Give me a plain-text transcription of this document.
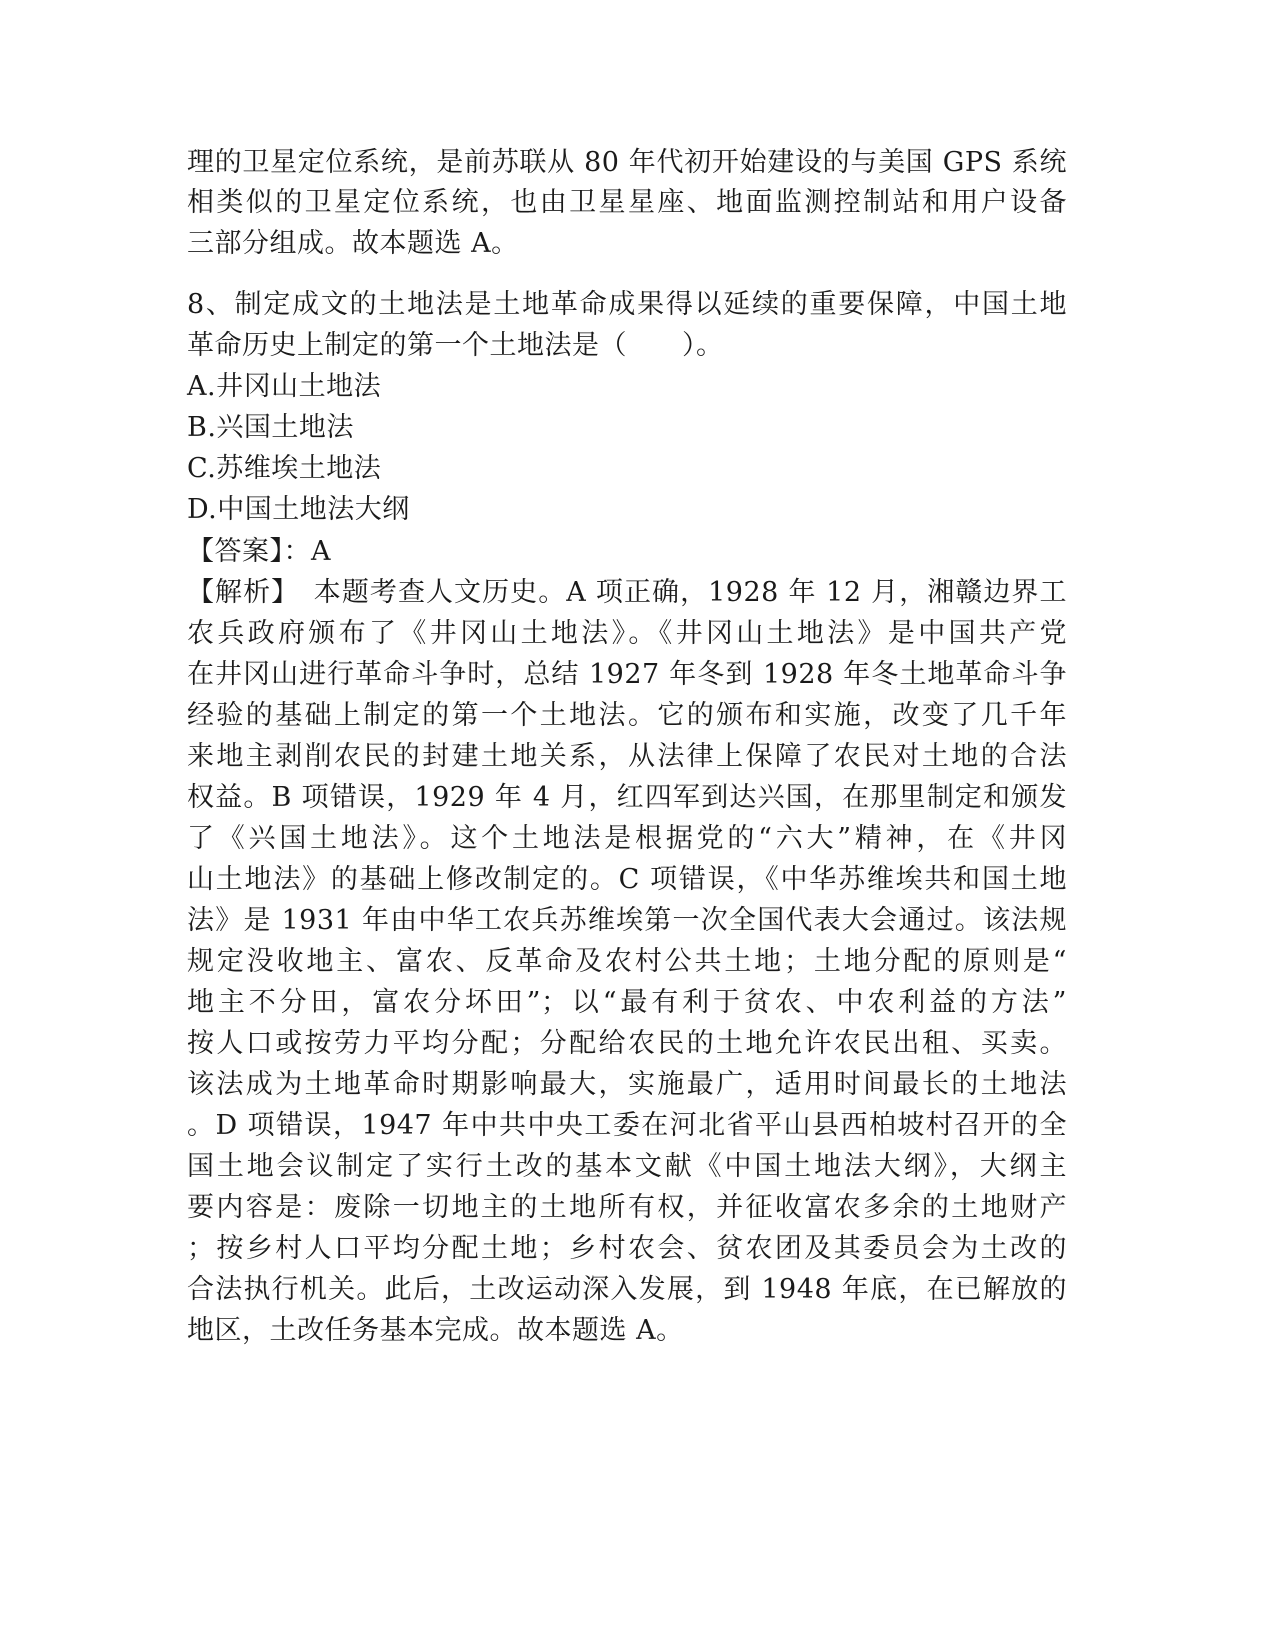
理的卫星定位系统，是前苏联从 80 年代初开始建设的与美国 GPS 系统
相类似的卫星定位系统，也由卫星星座、地面监测控制站和用户设备
三部分组成。故本题选 A。
8、制定成文的土地法是土地革命成果得以延续的重要保障，中国土地
革命历史上制定的第一个土地法是（　　）。
A.井冈山土地法
B.兴国土地法
C.苏维埃土地法
D.中国土地法大纲
【答案】：A
【解析】　本题考查人文历史。A 项正确，1928 年 12 月，湘赣边界工
农兵政府颁布了《井冈山土地法》。《井冈山土地法》是中国共产党
在井冈山进行革命斗争时，总结 1927 年冬到 1928 年冬土地革命斗争
经验的基础上制定的第一个土地法。它的颁布和实施，改变了几千年
来地主剥削农民的封建土地关系，从法律上保障了农民对土地的合法
权益。B 项错误，1929 年 4 月，红四军到达兴国，在那里制定和颁发
了《兴国土地法》。这个土地法是根据党的“六大”精神，在《井冈
山土地法》的基础上修改制定的。C 项错误，《中华苏维埃共和国土地
法》是 1931 年由中华工农兵苏维埃第一次全国代表大会通过。该法规
规定没收地主、富农、反革命及农村公共土地；土地分配的原则是“
地主不分田，富农分坏田”；以“最有利于贫农、中农利益的方法”
按人口或按劳力平均分配；分配给农民的土地允许农民出租、买卖。
该法成为土地革命时期影响最大，实施最广，适用时间最长的土地法
。D 项错误，1947 年中共中央工委在河北省平山县西柏坡村召开的全
国土地会议制定了实行土改的基本文献《中国土地法大纲》，大纲主
要内容是：废除一切地主的土地所有权，并征收富农多余的土地财产
；按乡村人口平均分配土地；乡村农会、贫农团及其委员会为土改的
合法执行机关。此后，土改运动深入发展，到 1948 年底，在已解放的
地区，土改任务基本完成。故本题选 A。
